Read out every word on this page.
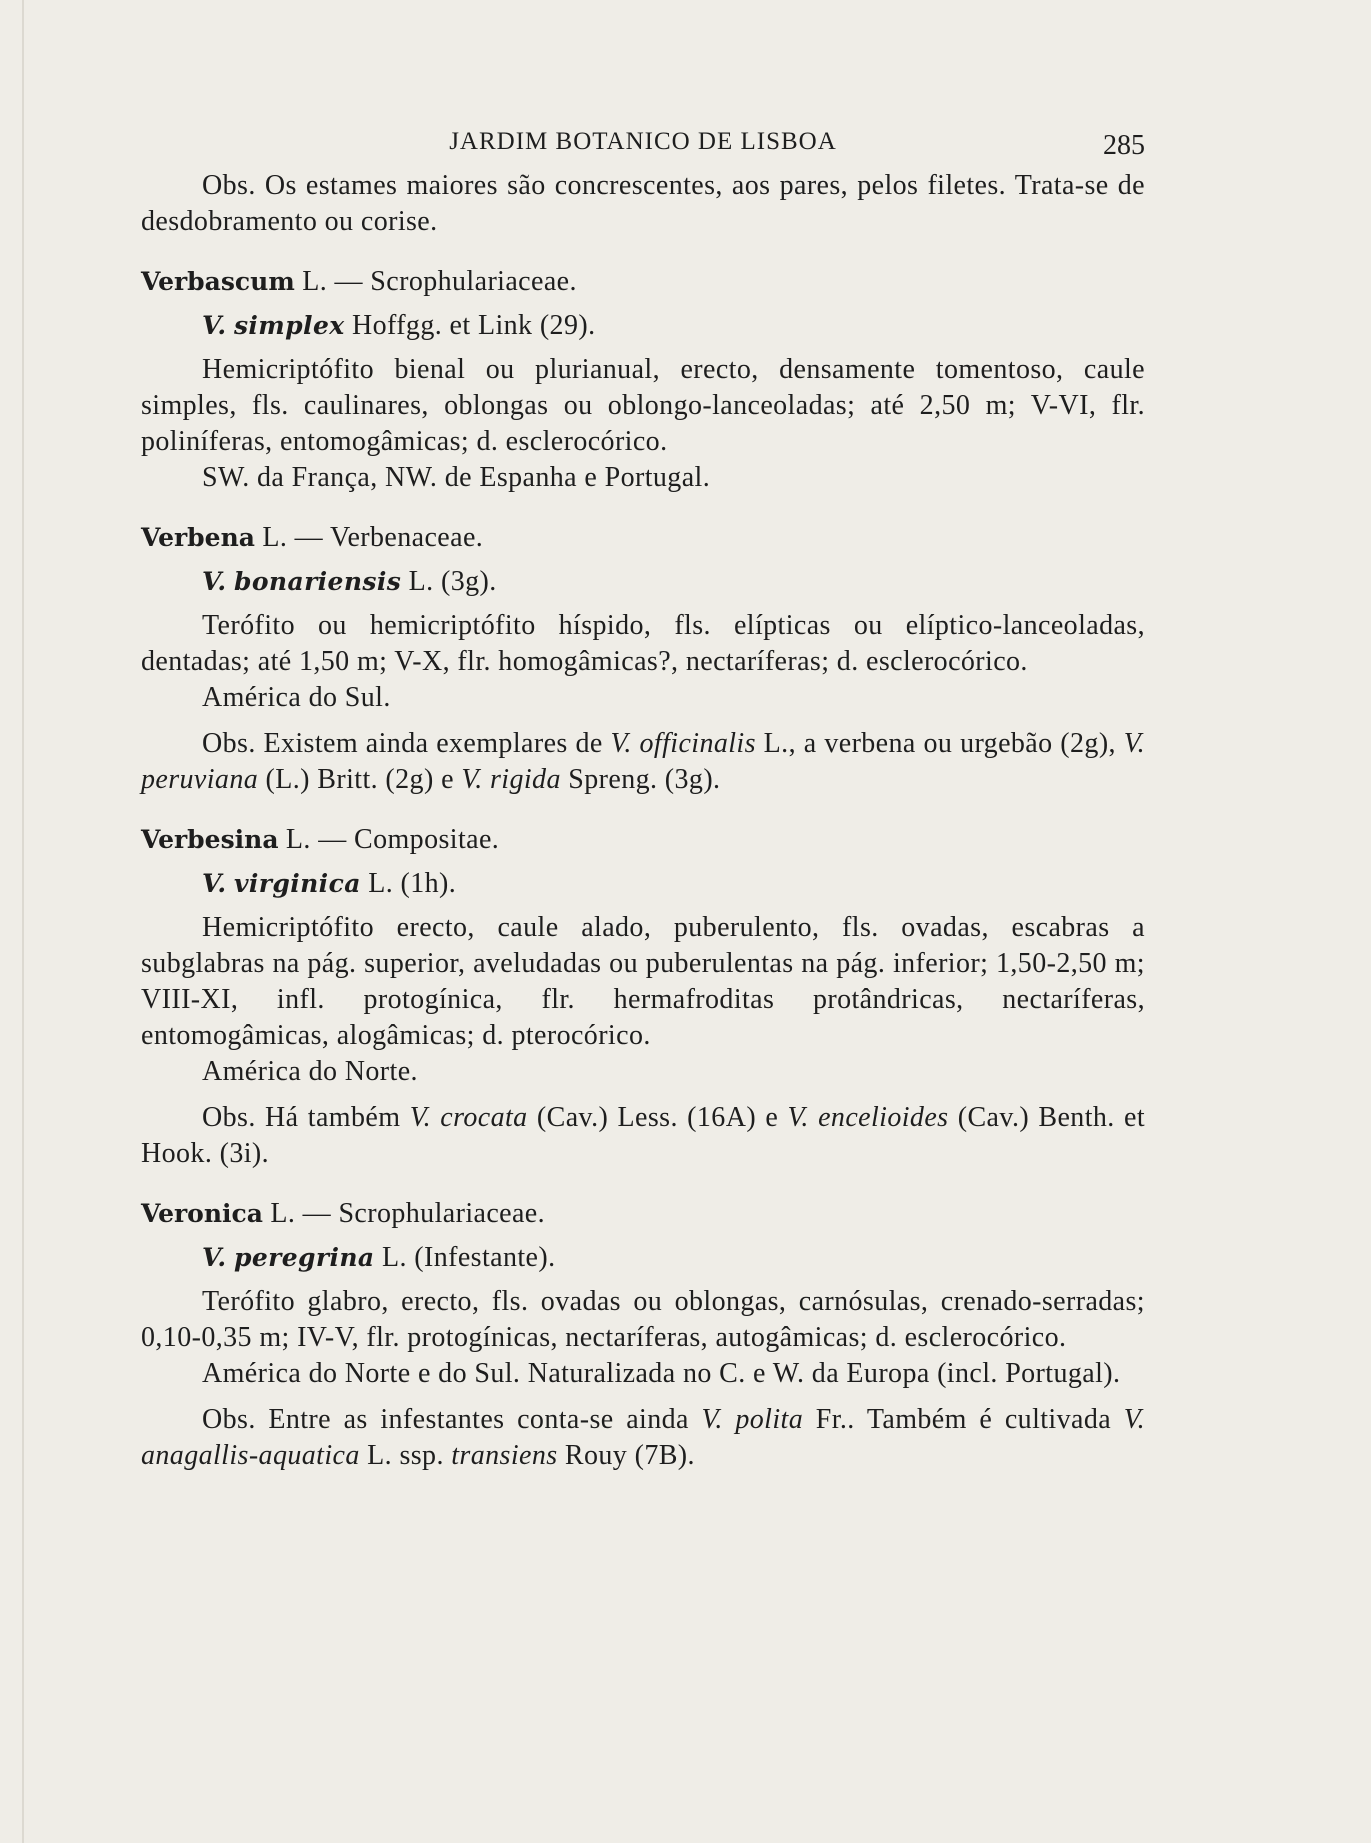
JARDIM BOTANICO DE LISBOA	285

Obs. Os estames maiores são concrescentes, aos pares, pelos filetes. Trata-se de desdobramento ou corise.

Verbascum L. — Scrophulariaceae.

V. simplex Hoffgg. et Link (29).

Hemicriptófito bienal ou plurianual, erecto, densamente tomentoso, caule simples, fls. caulinares, oblongas ou oblongo-lanceoladas; até 2,50 m; V-VI, flr. poliníferas, entomogâmicas; d. esclerocórico.

SW. da França, NW. de Espanha e Portugal.

Verbena L. — Verbenaceae.

V. bonariensis L. (3g).

Terófito ou hemicriptófito híspido, fls. elípticas ou elíptico-lanceoladas, dentadas; até 1,50 m; V-X, flr. homogâmicas?, nectaríferas; d. esclerocórico.

América do Sul.

Obs. Existem ainda exemplares de V. officinalis L., a verbena ou urgebão (2g), V. peruviana (L.) Britt. (2g) e V. rigida Spreng. (3g).

Verbesina L. — Compositae.

V. virginica L. (1h).

Hemicriptófito erecto, caule alado, puberulento, fls. ovadas, escabras a subglabras na pág. superior, aveludadas ou puberulentas na pág. inferior; 1,50-2,50 m; VIII-XI, infl. protogínica, flr. hermafroditas protândricas, nectaríferas, entomogâmicas, alogâmicas; d. pterocórico.

América do Norte.

Obs. Há também V. crocata (Cav.) Less. (16A) e V. encelioides (Cav.) Benth. et Hook. (3i).

Veronica L. — Scrophulariaceae.

V. peregrina L. (Infestante).

Terófito glabro, erecto, fls. ovadas ou oblongas, carnósulas, crenado-serradas; 0,10-0,35 m; IV-V, flr. protogínicas, nectaríferas, autogâmicas; d. esclerocórico.

América do Norte e do Sul. Naturalizada no C. e W. da Europa (incl. Portugal).

Obs. Entre as infestantes conta-se ainda V. polita Fr.. Também é cultivada V. anagallis-aquatica L. ssp. transiens Rouy (7B).
